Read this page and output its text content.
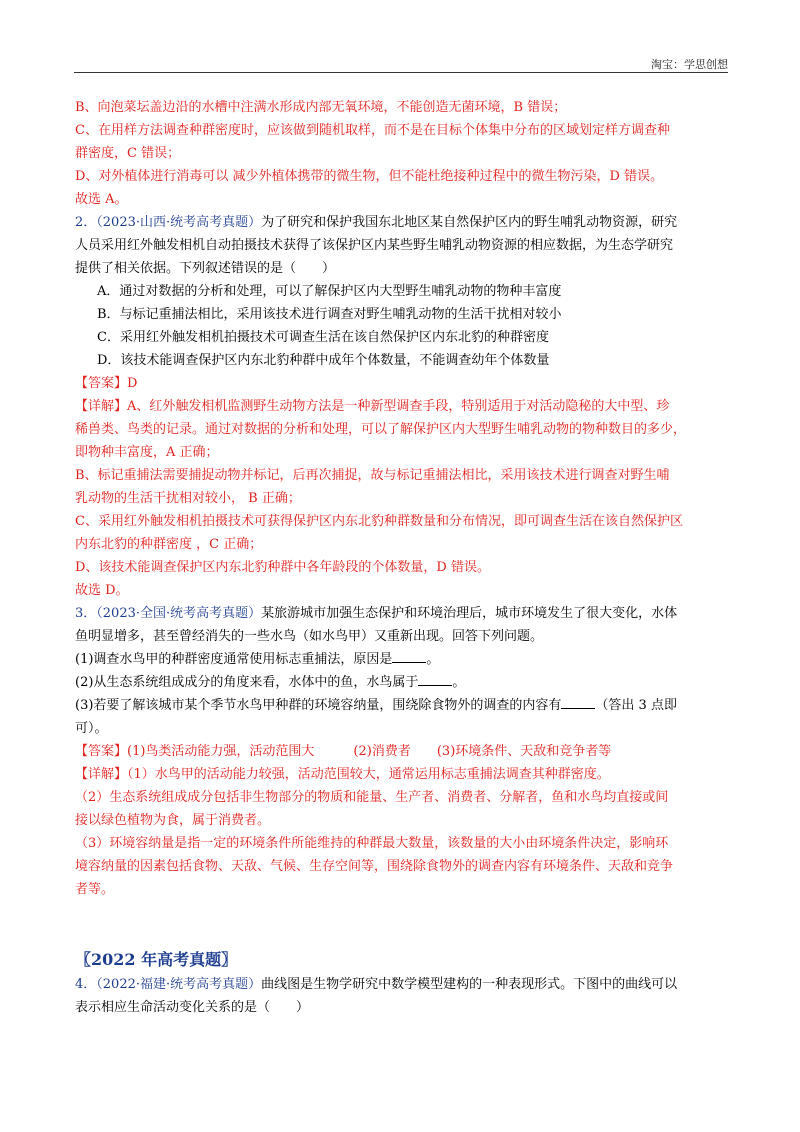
淘宝：学思创想
B、向泡菜坛盖边沿的水槽中注满水形成内部无氧环境，不能创造无菌环境，B 错误；
C、在用样方法调查种群密度时，应该做到随机取样，而不是在目标个体集中分布的区域划定样方调查种
群密度，C 错误；
D、对外植体进行消毒可以 减少外植体携带的微生物，但不能杜绝接种过程中的微生物污染，D 错误。
故选 A。
2．（2023·山西·统考高考真题）为了研究和保护我国东北地区某自然保护区内的野生哺乳动物资源，研究
人员采用红外触发相机自动拍摄技术获得了该保护区内某些野生哺乳动物资源的相应数据，为生态学研究
提供了相关依据。下列叙述错误的是（　　）
A．通过对数据的分析和处理，可以了解保护区内大型野生哺乳动物的物种丰富度
B．与标记重捕法相比，采用该技术进行调查对野生哺乳动物的生活干扰相对较小
C．采用红外触发相机拍摄技术可调查生活在该自然保护区内东北豹的种群密度
D．该技术能调查保护区内东北豹种群中成年个体数量，不能调查幼年个体数量
【答案】D
【详解】A、红外触发相机监测野生动物方法是一种新型调查手段，特别适用于对活动隐秘的大中型、珍
稀兽类、鸟类的记录。通过对数据的分析和处理，可以了解保护区内大型野生哺乳动物的物种数目的多少，
即物种丰富度，A 正确；
B、标记重捕法需要捕捉动物并标记，后再次捕捉，故与标记重捕法相比，采用该技术进行调查对野生哺
乳动物的生活干扰相对较小， B 正确；
C、采用红外触发相机拍摄技术可获得保护区内东北豹种群数量和分布情况，即可调查生活在该自然保护区
内东北豹的种群密度 ，C 正确；
D、该技术能调查保护区内东北豹种群中各年龄段的个体数量，D 错误。
故选 D。
3．（2023·全国·统考高考真题）某旅游城市加强生态保护和环境治理后，城市环境发生了很大变化，水体
鱼明显增多，甚至曾经消失的一些水鸟（如水鸟甲）又重新出现。回答下列问题。
(1)调查水鸟甲的种群密度通常使用标志重捕法，原因是	。
(2)从生态系统组成成分的角度来看，水体中的鱼，水鸟属于	。
(3)若要了解该城市某个季节水鸟甲种群的环境容纳量，围绕除食物外的调查的内容有	（答出 3 点即
可）。
【答案】(1)鸟类活动能力强，活动范围大　　　(2)消费者　　(3)环境条件、天敌和竞争者等
【详解】（1）水鸟甲的活动能力较强，活动范围较大，通常运用标志重捕法调查其种群密度。
（2）生态系统组成成分包括非生物部分的物质和能量、生产者、消费者、分解者，鱼和水鸟均直接或间
接以绿色植物为食，属于消费者。
（3）环境容纳量是指一定的环境条件所能维持的种群最大数量，该数量的大小由环境条件决定，影响环
境容纳量的因素包括食物、天敌、气候、生存空间等，围绕除食物外的调查内容有环境条件、天敌和竞争
者等。
〖2022 年高考真题〗
4．（2022·福建·统考高考真题）曲线图是生物学研究中数学模型建构的一种表现形式。下图中的曲线可以
表示相应生命活动变化关系的是（　　）
